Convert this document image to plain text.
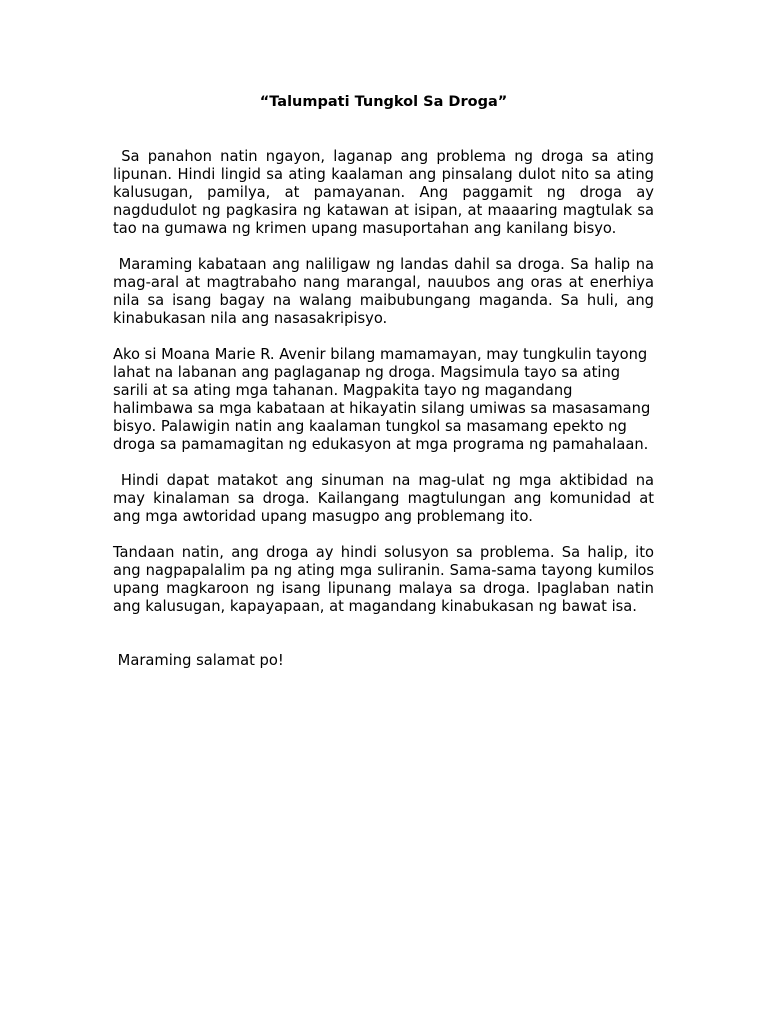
“Talumpati Tungkol Sa Droga”

Sa panahon natin ngayon, laganap ang problema ng droga sa ating lipunan. Hindi lingid sa ating kaalaman ang pinsalang dulot nito sa ating kalusugan, pamilya, at pamayanan. Ang paggamit ng droga ay nagdudulot ng pagkasira ng katawan at isipan, at maaaring magtulak sa tao na gumawa ng krimen upang masuportahan ang kanilang bisyo.

Maraming kabataan ang naliligaw ng landas dahil sa droga. Sa halip na mag-aral at magtrabaho nang marangal, nauubos ang oras at enerhiya nila sa isang bagay na walang maibubungang maganda. Sa huli, ang kinabukasan nila ang nasasakripisyo.

Ako si Moana Marie R. Avenir bilang mamamayan, may tungkulin tayong lahat na labanan ang paglaganap ng droga. Magsimula tayo sa ating sarili at sa ating mga tahanan. Magpakita tayo ng magandang halimbawa sa mga kabataan at hikayatin silang umiwas sa masasamang bisyo. Palawigin natin ang kaalaman tungkol sa masamang epekto ng droga sa pamamagitan ng edukasyon at mga programa ng pamahalaan.

Hindi dapat matakot ang sinuman na mag-ulat ng mga aktibidad na may kinalaman sa droga. Kailangang magtulungan ang komunidad at ang mga awtoridad upang masugpo ang problemang ito.

Tandaan natin, ang droga ay hindi solusyon sa problema. Sa halip, ito ang nagpapalalim pa ng ating mga suliranin. Sama-sama tayong kumilos upang magkaroon ng isang lipunang malaya sa droga. Ipaglaban natin ang kalusugan, kapayapaan, at magandang kinabukasan ng bawat isa.

Maraming salamat po!
